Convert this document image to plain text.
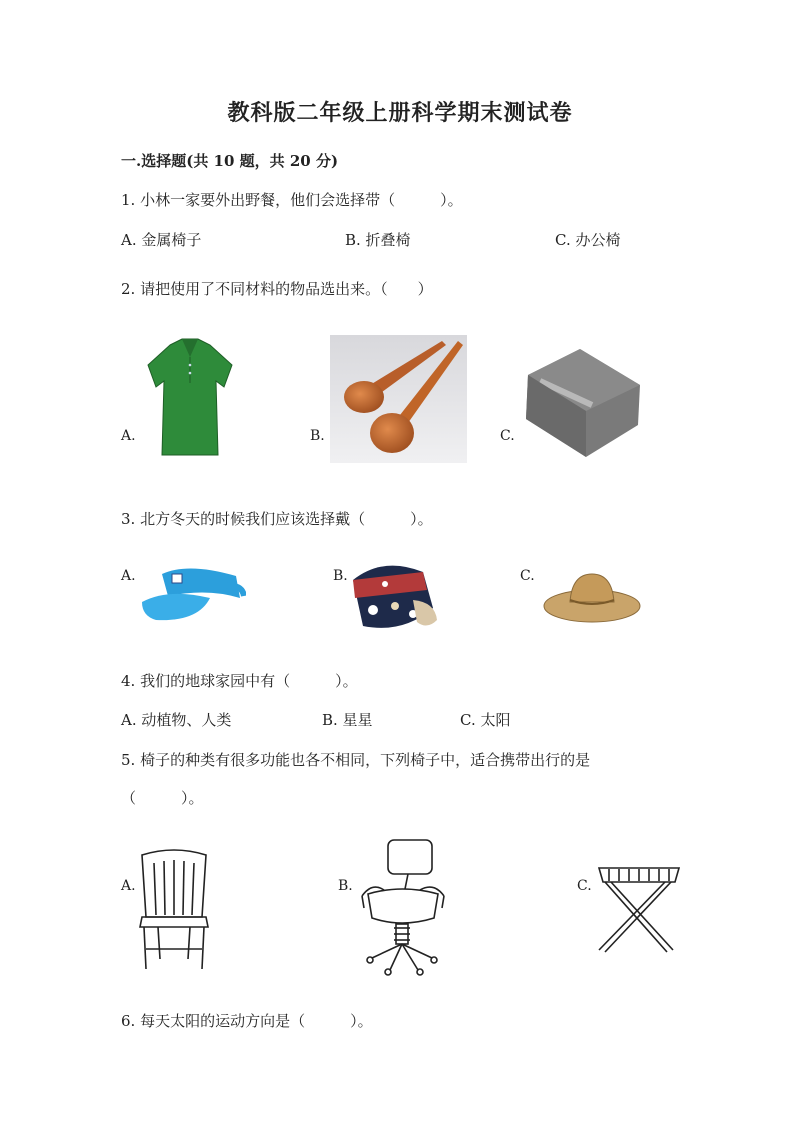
教科版二年级上册科学期末测试卷
一.选择题(共 10 题，共 20 分)
1. 小林一家要外出野餐，他们会选择带（　　　）。
A. 金属椅子	B. 折叠椅	C. 办公椅
2. 请把使用了不同材料的物品选出来。（　　）
A.	B.	C.
3. 北方冬天的时候我们应该选择戴（　　　）。
A.	B.	C.
4. 我们的地球家园中有（　　　）。
A. 动植物、人类	B. 星星	C. 太阳
5. 椅子的种类有很多功能也各不相同，下列椅子中，适合携带出行的是
（　　　）。
A.	B.	C.
6. 每天太阳的运动方向是（　　　）。
